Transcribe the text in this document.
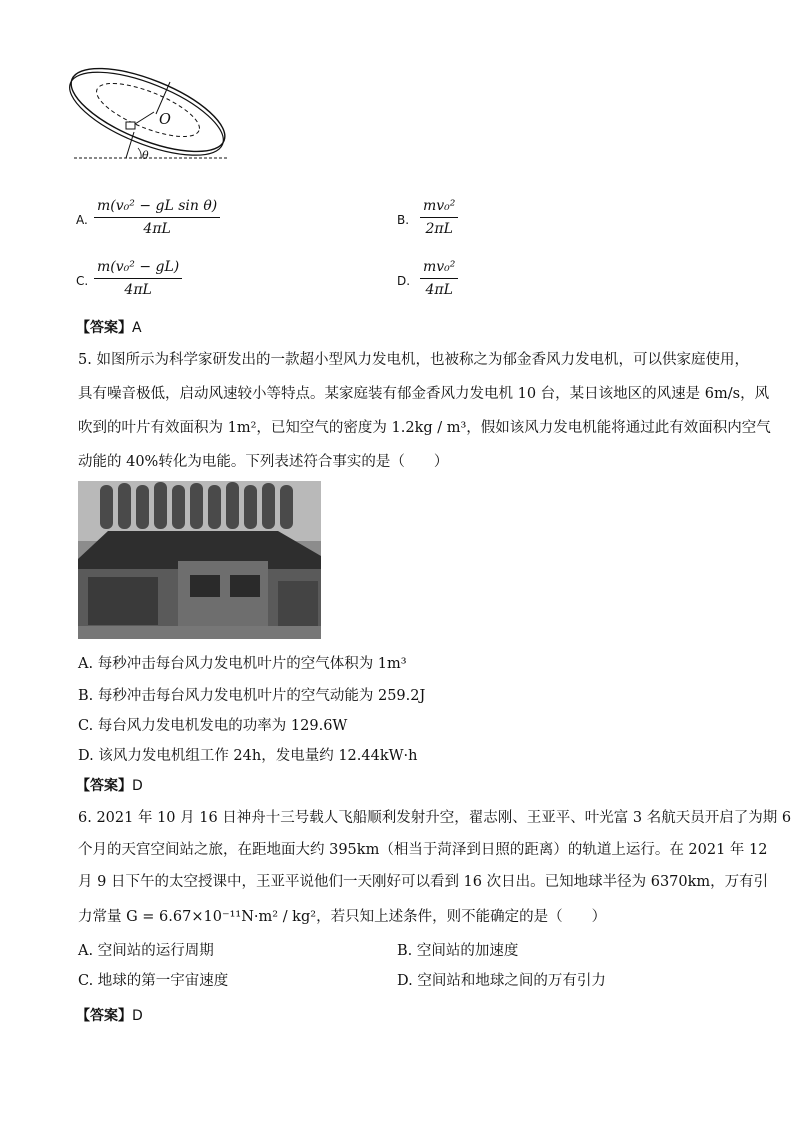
O
θ
A. $\frac{\text{m(v₀² − gL sin θ)}}{4\pi L}$	B. $\frac{\text{mv₀²}}{2\pi L}$
C. $\frac{\text{m(v₀² − gL)}}{4\pi L}$	D. $\frac{\text{mv₀²}}{4\pi L}$
【答案】A
5. 如图所示为科学家研发出的一款超小型风力发电机，也被称之为郁金香风力发电机，可以供家庭使用，
具有噪音极低，启动风速较小等特点。某家庭装有郁金香风力发电机 10 台，某日该地区的风速是 6m/s，风
吹到的叶片有效面积为 1m²，已知空气的密度为 1.2kg / m³，假如该风力发电机能将通过此有效面积内空气
动能的 40%转化为电能。下列表述符合事实的是（　　）
A. 每秒冲击每台风力发电机叶片的空气体积为 1m³
B. 每秒冲击每台风力发电机叶片的空气动能为 259.2J
C. 每台风力发电机发电的功率为 129.6W
D. 该风力发电机组工作 24h，发电量约 12.44kW·h
【答案】D
6. 2021 年 10 月 16 日神舟十三号载人飞船顺利发射升空，翟志刚、王亚平、叶光富 3 名航天员开启了为期 6
个月的天宫空间站之旅，在距地面大约 395km（相当于菏泽到日照的距离）的轨道上运行。在 2021 年 12
月 9 日下午的太空授课中，王亚平说他们一天刚好可以看到 16 次日出。已知地球半径为 6370km，万有引
力常量 G = 6.67×10⁻¹¹N·m² / kg²，若只知上述条件，则不能确定的是（　　）
A. 空间站的运行周期	B. 空间站的加速度
C. 地球的第一宇宙速度	D. 空间站和地球之间的万有引力
【答案】D
